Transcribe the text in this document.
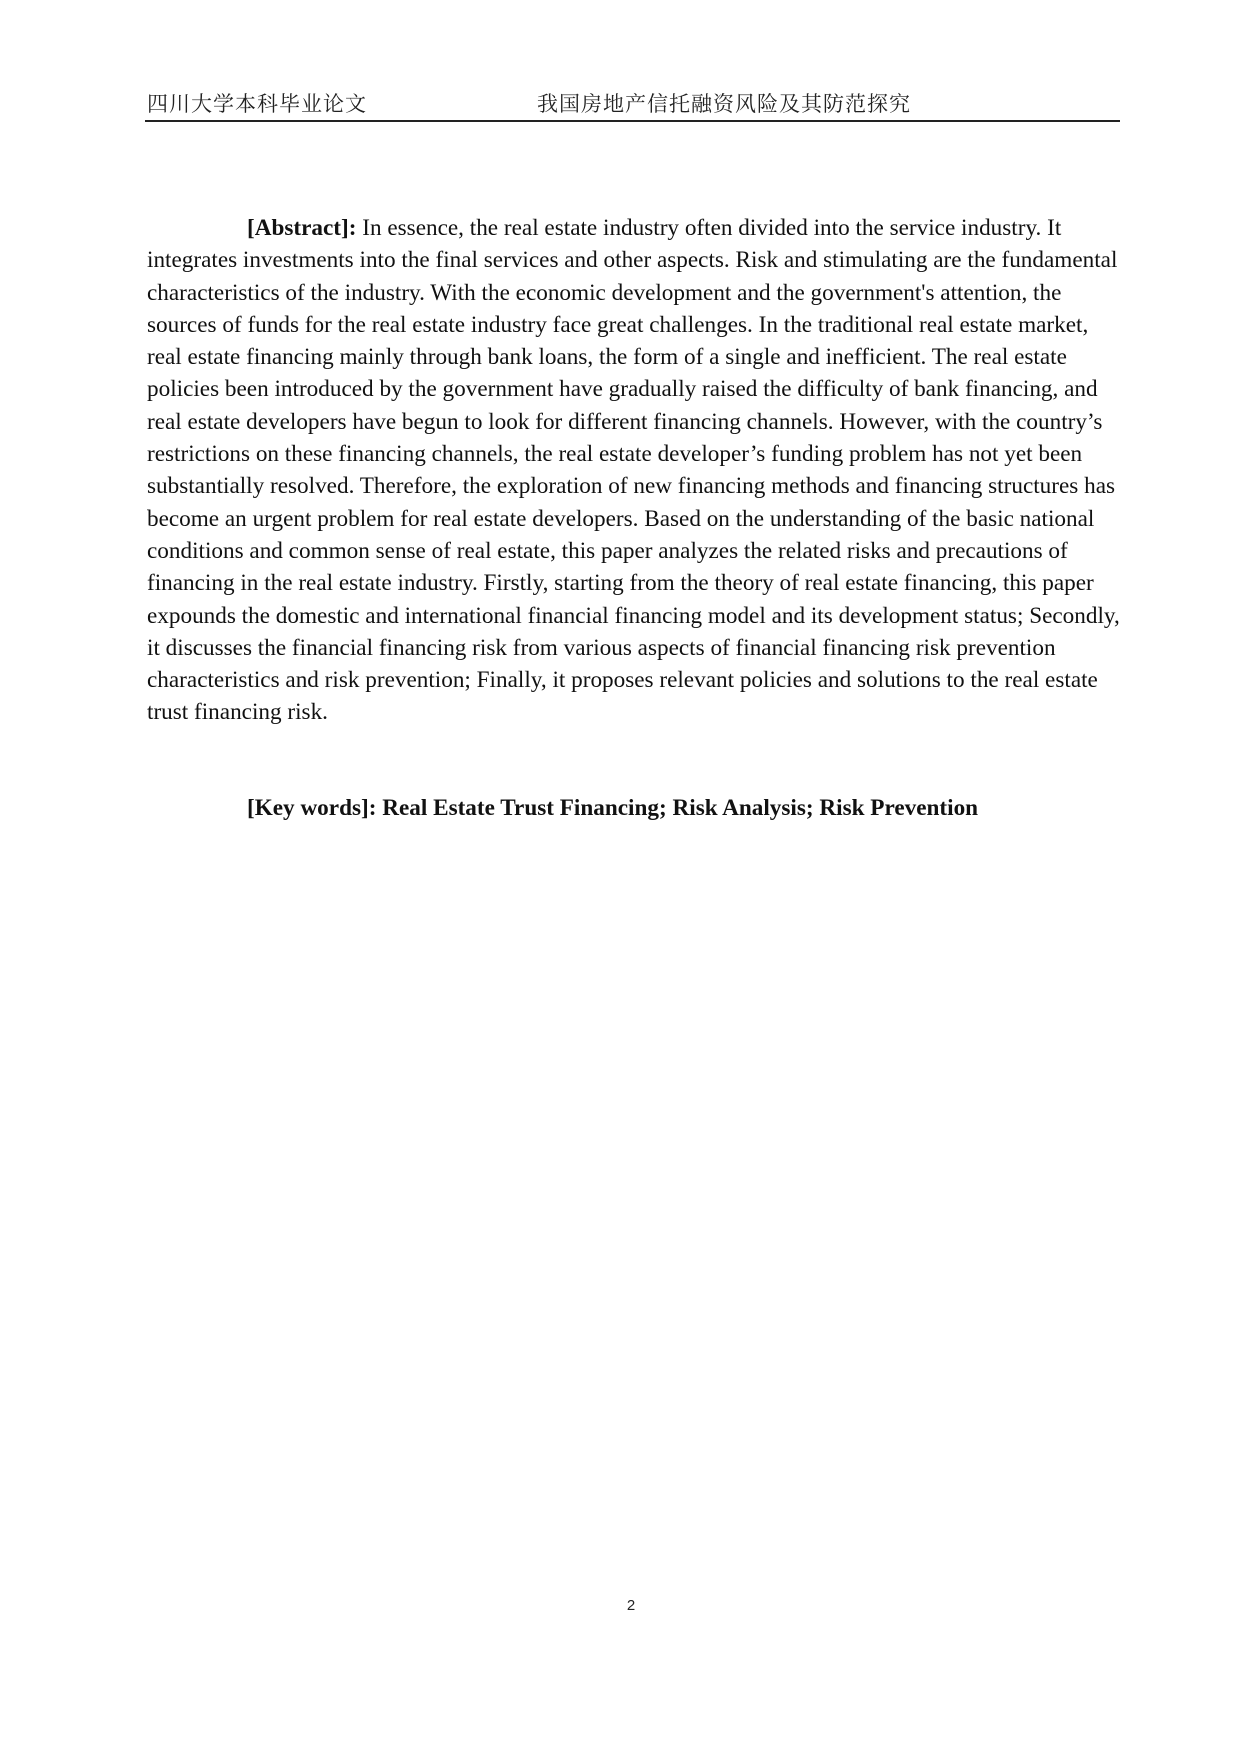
四川大学本科毕业论文	我国房地产信托融资风险及其防范探究

[Abstract]: In essence, the real estate industry often divided into the service industry. It integrates investments into the final services and other aspects. Risk and stimulating are the fundamental characteristics of the industry. With the economic development and the government's attention, the sources of funds for the real estate industry face great challenges. In the traditional real estate market, real estate financing mainly through bank loans, the form of a single and inefficient. The real estate policies been introduced by the government have gradually raised the difficulty of bank financing, and real estate developers have begun to look for different financing channels. However, with the country’s restrictions on these financing channels, the real estate developer’s funding problem has not yet been substantially resolved. Therefore, the exploration of new financing methods and financing structures has become an urgent problem for real estate developers. Based on the understanding of the basic national conditions and common sense of real estate, this paper analyzes the related risks and precautions of financing in the real estate industry. Firstly, starting from the theory of real estate financing, this paper expounds the domestic and international financial financing model and its development status; Secondly, it discusses the financial financing risk from various aspects of financial financing risk prevention characteristics and risk prevention; Finally, it proposes relevant policies and solutions to the real estate trust financing risk.

[Key words]: Real Estate Trust Financing; Risk Analysis; Risk Prevention

2
